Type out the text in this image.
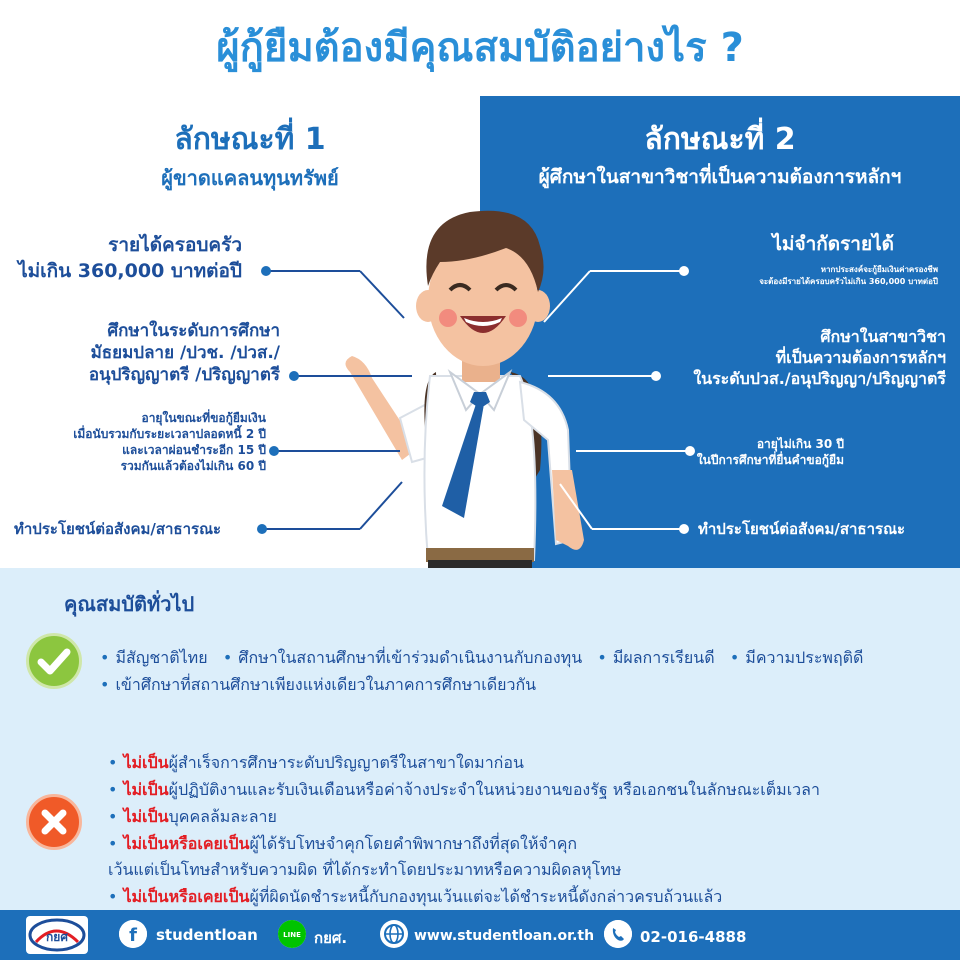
ผู้กู้ยืมต้องมีคุณสมบัติอย่างไร ?
ลักษณะที่ 1
ผู้ขาดแคลนทุนทรัพย์
ลักษณะที่ 2
ผู้ศึกษาในสาขาวิชาที่เป็นความต้องการหลักฯ
รายได้ครอบครัว
ไม่เกิน 360,000 บาทต่อปี
ศึกษาในระดับการศึกษา
มัธยมปลาย /ปวช. /ปวส./
อนุปริญญาตรี /ปริญญาตรี
อายุในขณะที่ขอกู้ยืมเงิน
เมื่อนับรวมกับระยะเวลาปลอดหนี้ 2 ปี
และเวลาผ่อนชำระอีก 15 ปี
รวมกันแล้วต้องไม่เกิน 60 ปี
ทำประโยชน์ต่อสังคม/สาธารณะ
ไม่จำกัดรายได้
หากประสงค์จะกู้ยืมเงินค่าครองชีพ
จะต้องมีรายได้ครอบครัวไม่เกิน 360,000 บาทต่อปี
ศึกษาในสาขาวิชา
ที่เป็นความต้องการหลักฯ
ในระดับปวส./อนุปริญญา/ปริญญาตรี
อายุไม่เกิน 30 ปี
ในปีการศึกษาที่ยื่นคำขอกู้ยืม
ทำประโยชน์ต่อสังคม/สาธารณะ
คุณสมบัติทั่วไป
• มีสัญชาติไทย • ศึกษาในสถานศึกษาที่เข้าร่วมดำเนินงานกับกองทุน • มีผลการเรียนดี • มีความประพฤติดี
• เข้าศึกษาที่สถานศึกษาเพียงแห่งเดียวในภาคการศึกษาเดียวกัน
• ไม่เป็นผู้สำเร็จการศึกษาระดับปริญญาตรีในสาขาใดมาก่อน
• ไม่เป็นผู้ปฏิบัติงานและรับเงินเดือนหรือค่าจ้างประจำในหน่วยงานของรัฐ หรือเอกชนในลักษณะเต็มเวลา
• ไม่เป็นบุคคลล้มละลาย
• ไม่เป็นหรือเคยเป็นผู้ได้รับโทษจำคุกโดยคำพิพากษาถึงที่สุดให้จำคุก
เว้นแต่เป็นโทษสำหรับความผิด ที่ได้กระทำโดยประมาทหรือความผิดลหุโทษ
• ไม่เป็นหรือเคยเป็นผู้ที่ผิดนัดชำระหนี้กับกองทุนเว้นแต่จะได้ชำระหนี้ดังกล่าวครบถ้วนแล้ว
กยศ	f studentloan	LINE กยศ.	www.studentloan.or.th	02-016-4888
